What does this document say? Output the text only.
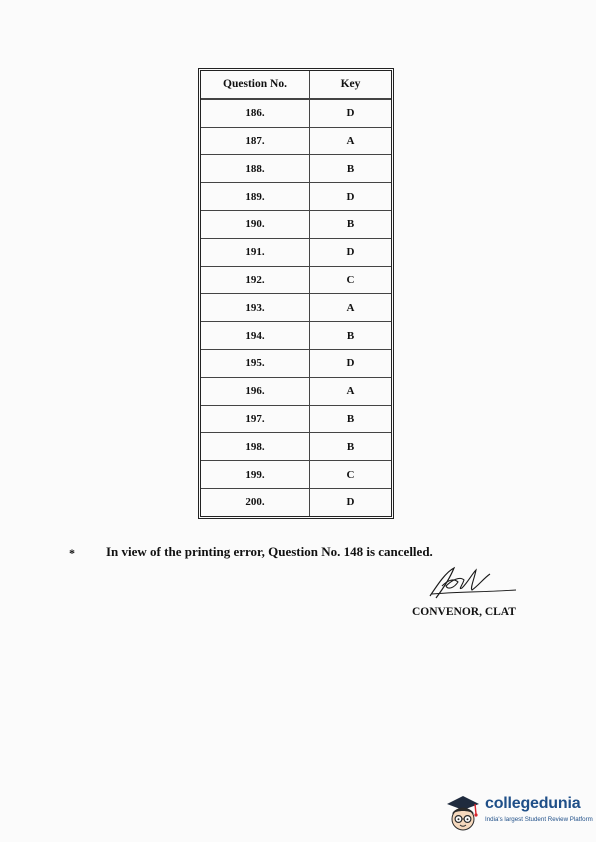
Question No.	Key
186.	D
187.	A
188.	B
189.	D
190.	B
191.	D
192.	C
193.	A
194.	B
195.	D
196.	A
197.	B
198.	B
199.	C
200.	D
* In view of the printing error, Question No. 148 is cancelled.
CONVENOR, CLAT
collegedunia
India's largest Student Review Platform
